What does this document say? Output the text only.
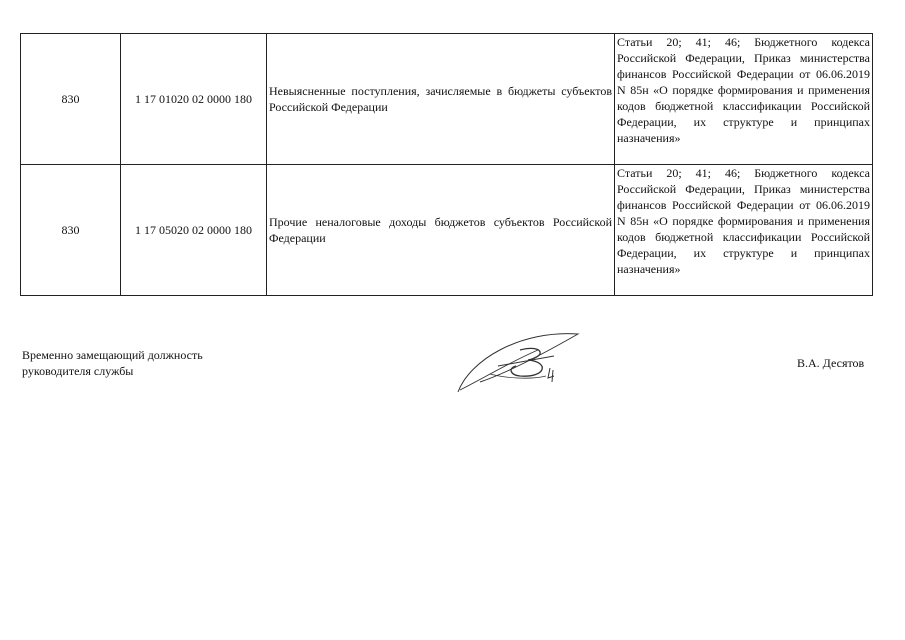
830	1 17 01020 02 0000 180	Невыясненные поступления, зачисляемые в бюджеты субъектов Российской Федерации	Статьи 20; 41; 46; Бюджетного кодекса Российской Федерации, Приказ министерства финансов Российской Федерации от 06.06.2019 N 85н «О порядке формирования и применения кодов бюджетной классификации Российской Федерации, их структуре и принципах назначения»
830	1 17 05020 02 0000 180	Прочие неналоговые доходы бюджетов субъектов Российской Федерации	Статьи 20; 41; 46; Бюджетного кодекса Российской Федерации, Приказ министерства финансов Российской Федерации от 06.06.2019 N 85н «О порядке формирования и применения кодов бюджетной классификации Российской Федерации, их структуре и принципах назначения»
Временно замещающий должность
руководителя службы
В.А. Десятов
